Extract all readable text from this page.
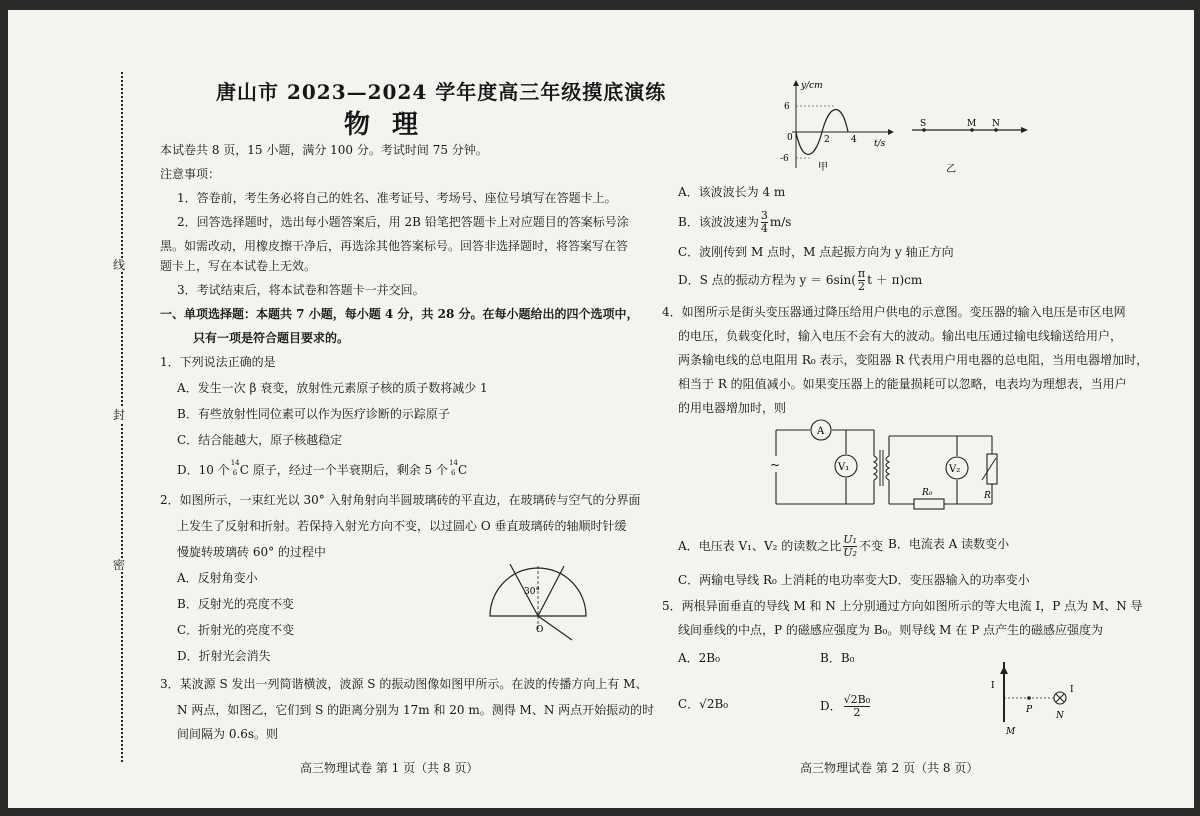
线
封
密
唐山市 2023—2024 学年度高三年级摸底演练
物理
本试卷共 8 页，15 小题，满分 100 分。考试时间 75 分钟。
注意事项：
1．答卷前，考生务必将自己的姓名、准考证号、考场号、座位号填写在答题卡上。
2．回答选择题时，选出每小题答案后，用 2B 铅笔把答题卡上对应题目的答案标号涂
黑。如需改动，用橡皮擦干净后，再选涂其他答案标号。回答非选择题时，将答案写在答
题卡上，写在本试卷上无效。
3．考试结束后，将本试卷和答题卡一并交回。
一、单项选择题：本题共 7 小题，每小题 4 分，共 28 分。在每小题给出的四个选项中，
只有一项是符合题目要求的。
1．下列说法正确的是
A．发生一次 β 衰变，放射性元素原子核的质子数将减少 1
B．有些放射性同位素可以作为医疗诊断的示踪原子
C．结合能越大，原子核越稳定
D．10 个 14
6 C 原子，经过一个半衰期后，剩余 5 个 14
6 C
2．如图所示，一束红光以 30° 入射角射向半圆玻璃砖的平直边，在玻璃砖与空气的分界面
上发生了反射和折射。若保持入射光方向不变，以过圆心 O 垂直玻璃砖的轴顺时针缓
慢旋转玻璃砖 60° 的过程中
A．反射角变小
B．反射光的亮度不变
C．折射光的亮度不变
D．折射光会消失
30°
O
3．某波源 S 发出一列简谐横波，波源 S 的振动图像如图甲所示。在波的传播方向上有 M、
N 两点，如图乙，它们到 S 的距离分别为 17m 和 20 m。测得 M、N 两点开始振动的时
间间隔为 0.6s。则
高三物理试卷 第 1 页（共 8 页）
y/cm
t/s
6
-6
0	2 4
甲
S	M N
乙
A．该波波长为 4 m
B．该波波速为 $\frac{3}{4} m/s$
C．波刚传到 M 点时，M 点起振方向为 y 轴正方向
D．S 点的振动方程为 $y = 6\sin( \frac{\pi}{2}$ t ＋ π)cm
4．如图所示是街头变压器通过降压给用户供电的示意图。变压器的输入电压是市区电网
的电压，负载变化时，输入电压不会有大的波动。输出电压通过输电线输送给用户，
两条输电线的总电阻用 R₀ 表示，变阻器 R 代表用户用电器的总电阻，当用电器增加时，
相当于 R 的阻值减小。如果变压器上的能量损耗可以忽略，电表均为理想表，当用户
的用电器增加时，则
~
A
V₁
R₀
V₂
R
A．电压表 V₁、V₂ 的读数之比 $\frac{\text{U₁}}{\text{U₂}}$ 不变 B．电流表 A 读数变小
C．两输电导线 R₀ 上消耗的电功率变大 D．变压器输入的功率变小
5．两根异面垂直的导线 M 和 N 上分别通过方向如图所示的等大电流 I，P 点为 M、N 导
线间垂线的中点，P 的磁感应强度为 B₀。则导线 M 在 P 点产生的磁感应强度为
A．2B₀	B．B₀
C．√2B₀	D． $\frac{\text{√2B₀}}{2}$
I
P
I
N
M
高三物理试卷 第 2 页（共 8 页）
